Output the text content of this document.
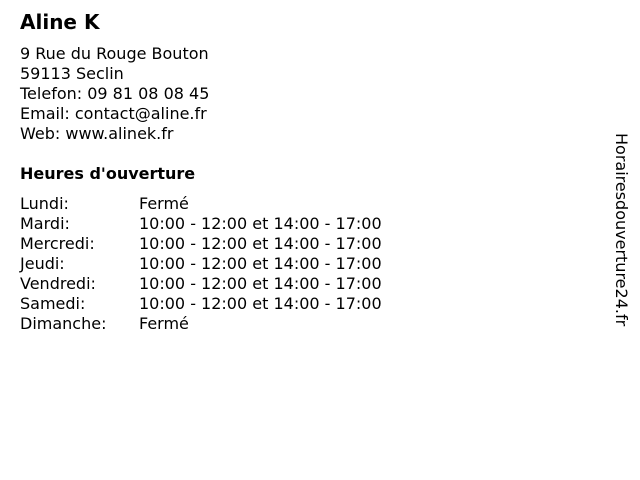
Aline K
9 Rue du Rouge Bouton
59113 Seclin
Telefon: 09 81 08 08 45
Email: contact@aline.fr
Web: www.alinek.fr
Heures d'ouverture
Lundi:	Fermé
Mardi:	10:00 - 12:00 et 14:00 - 17:00
Mercredi:	10:00 - 12:00 et 14:00 - 17:00
Jeudi:	10:00 - 12:00 et 14:00 - 17:00
Vendredi:	10:00 - 12:00 et 14:00 - 17:00
Samedi:	10:00 - 12:00 et 14:00 - 17:00
Dimanche:	Fermé	Horairesdouverture24.fr
